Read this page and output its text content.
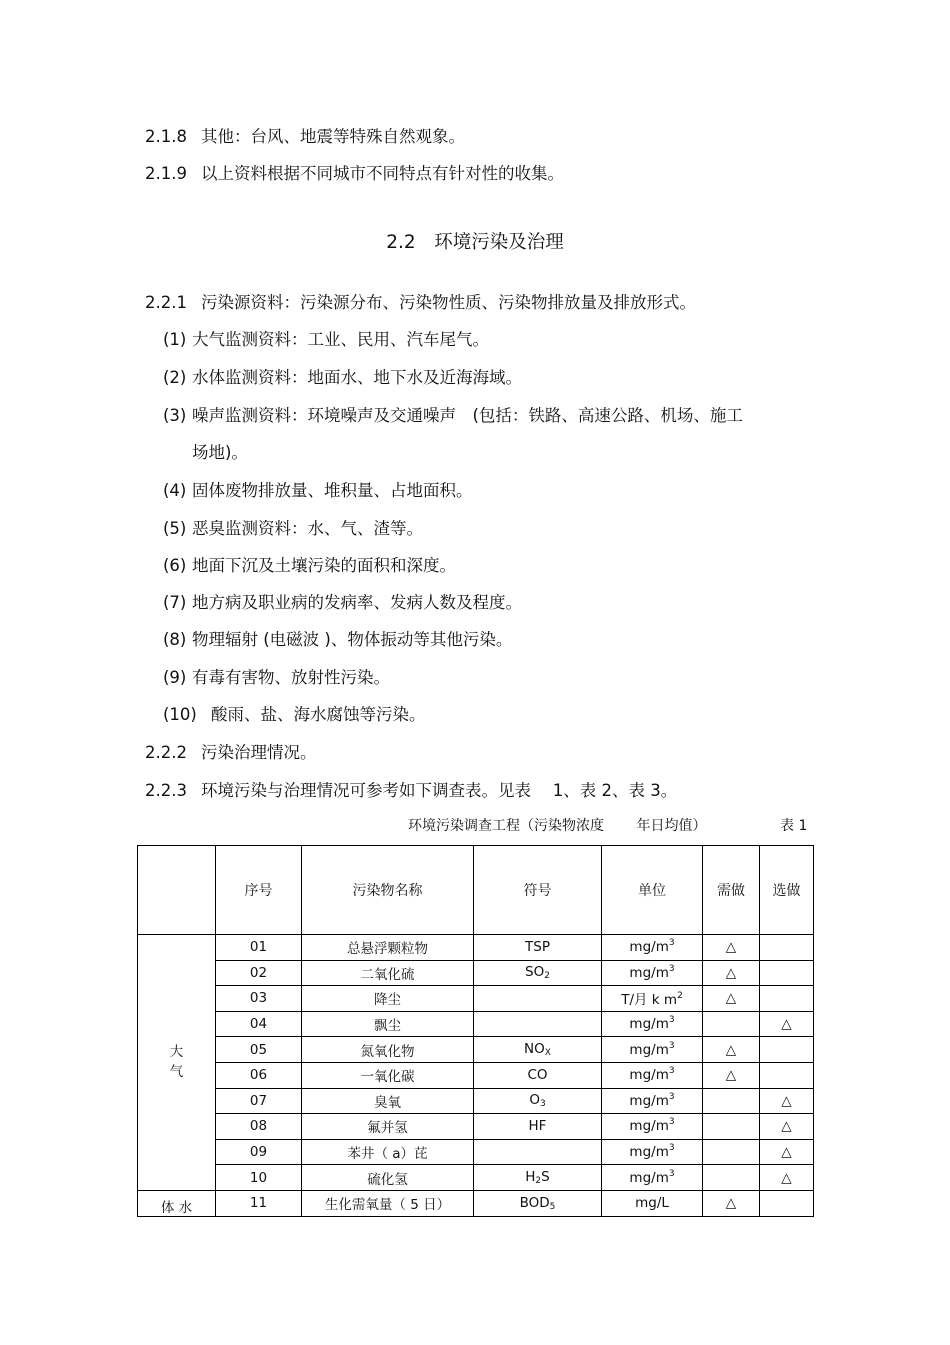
2.1.8 其他：台风、地震等特殊自然观象。
2.1.9 以上资料根据不同城市不同特点有针对性的收集。
2.2　 环境污染及治理
2.2.1 污染源资料：污染源分布、污染物性质、污染物排放量及排放形式。
(1) 大气监测资料：工业、民用、汽车尾气。
(2) 水体监测资料：地面水、地下水及近海海域。
(3) 噪声监测资料：环境噪声及交通噪声　(包括：铁路、高速公路、机场、施工
场地)。
(4) 固体废物排放量、堆积量、占地面积。
(5) 恶臭监测资料：水、气、渣等。
(6) 地面下沉及土壤污染的面积和深度。
(7) 地方病及职业病的发病率、发病人数及程度。
(8) 物理辐射 (电磁波 )、物体振动等其他污染。
(9) 有毒有害物、放射性污染。
(10) 酸雨、盐、海水腐蚀等污染。
2.2.2 污染治理情况。
2.2.3 环境污染与治理情况可参考如下调查表。见表　 1、表 2、表 3。
环境污染调查工程（污染物浓度　　 年日均值）	表 1
	序号	污染物名称	符号	单位	需做	选做

大
气	01	总悬浮颗粒物	TSP	$mg/m^3$	△	
	02	二氧化硫	$SO_2$	$mg/m^3$	△	
	03	降尘		T/月 k $m^2$	△	
	04	飘尘		$mg/m^3$		△
	05	氮氧化物	$NO_X$	$mg/m^3$	△	
	06	一氧化碳	CO	$mg/m^3$	△	
	07	臭氧	$O_3$	$mg/m^3$		△
	08	氟并氢	HF	$mg/m^3$		△
	09	苯井（ a）芘		$mg/m^3$		△
	10	硫化氢	$H_2S$	$mg/m^3$		△
体 水	11	生化需氧量（ 5 日）	$BOD_5$	mg/L	△	
